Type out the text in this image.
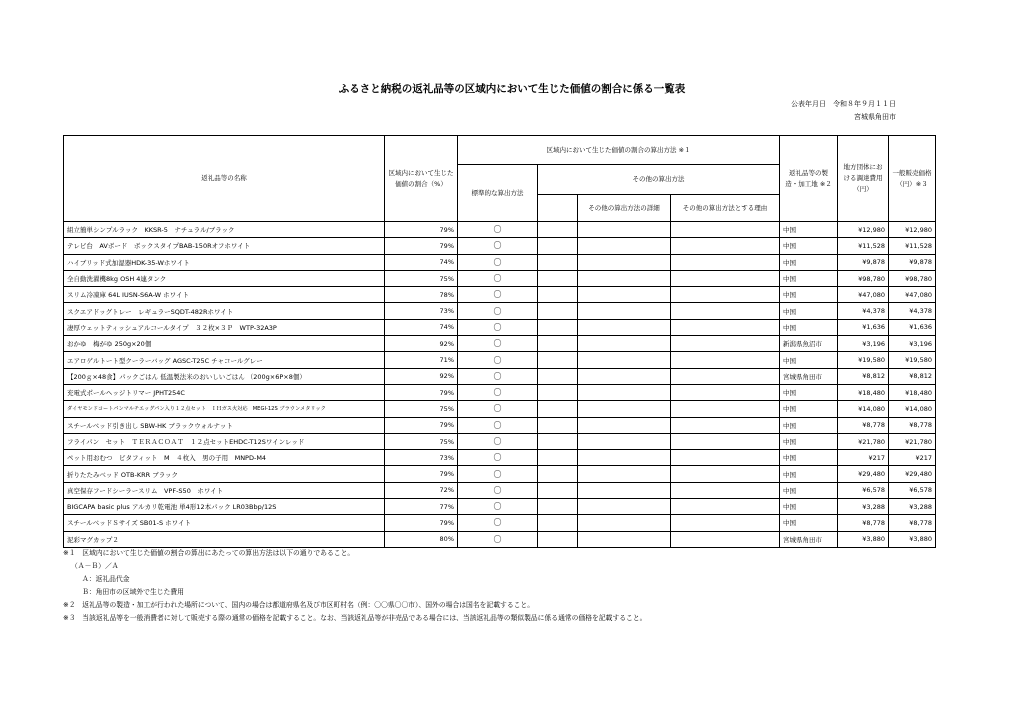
ふるさと納税の返礼品等の区域内において生じた価値の割合に係る一覧表
公表年月日　令和８年９月１１日
宮城県角田市
返礼品等の名称	区域内において生じた価値の割合（%）	区域内において生じた価値の割合の算出方法 ※１				返礼品等の製造・加工地 ※２	地方団体における調達費用（円）	一般販売価格（円）※３
		標準的な算出方法	その他の算出方法					
				その他の算出方法の詳細	その他の算出方法とする理由			
組立簡単シンプルラック　KKSR-5　ナチュラル/ブラック	79%	〇				中国	¥12,980	¥12,980
テレビ台　AVボード　ボックスタイプBAB-150Rオフホワイト	79%	〇				中国	¥11,528	¥11,528
ハイブリッド式加湿器HDK-35-Wホワイト	74%	〇				中国	¥9,878	¥9,878
全自動洗濯機8kg OSH 4連タンク	75%	〇				中国	¥98,780	¥98,780
スリム冷凍庫 64L IUSN-S6A-W ホワイト	78%	〇				中国	¥47,080	¥47,080
スクエアドッグトレー　レギュラーSQDT-482Rホワイト	73%	〇				中国	¥4,378	¥4,378
凄厚ウェットティッシュアルコールタイプ　３２枚×３Ｐ　WTP-32A3P	74%	〇				中国	¥1,636	¥1,636
おかゆ　梅がゆ 250g×20個	92%	〇				新潟県魚沼市	¥3,196	¥3,196
エアロゲルトート型クーラーバッグ AGSC-T25C チャコールグレー	71%	〇				中国	¥19,580	¥19,580
【200ｇ×48食】パックごはん 低温製法米のおいしいごはん （200g×6P×8個）	92%	〇				宮城県角田市	¥8,812	¥8,812
充電式ポールヘッジトリマー JPHT254C	79%	〇				中国	¥18,480	¥18,480
ダイヤモンドコートパンマルチエッグパン入り１２点セット　ＩＨガス火対応　MEGI-12S ブラウンメタリック	75%	〇				中国	¥14,080	¥14,080
スチールベッド引き出し SBW-HK ブラックウォルナット	79%	〇				中国	¥8,778	¥8,778
フライパン　セット　ＴＥＲＡＣＯＡＴ　１２点セットEHDC-T12Sワインレッド	75%	〇				中国	¥21,780	¥21,780
ペット用おむつ　ピタフィット　M　４枚入　男の子用　MNPD-M4	73%	〇				中国	¥217	¥217
折りたたみベッド OTB-KRR ブラック	79%	〇				中国	¥29,480	¥29,480
真空保存フードシーラースリム　VPF-S50　ホワイト	72%	〇				中国	¥6,578	¥6,578
BIGCAPA basic plus アルカリ乾電池 単4形12本パック LR03Bbp/12S	77%	〇				中国	¥3,288	¥3,288
スチールベッドＳサイズ SB01-S ホワイト	79%	〇				中国	¥8,778	¥8,778
泥彩マグカップ２	80%	〇				宮城県角田市	¥3,880	¥3,880
※１　区域内において生じた価値の割合の算出にあたっての算出方法は以下の通りであること。
（Ａ－Ｂ）／Ａ
Ａ：返礼品代金
Ｂ：角田市の区域外で生じた費用
※２　返礼品等の製造・加工が行われた場所について、国内の場合は都道府県名及び市区町村名（例：〇〇県〇〇市）、国外の場合は国名を記載すること。
※３　当該返礼品等を一般消費者に対して販売する際の通常の価格を記載すること。なお、当該返礼品等が非売品である場合には、当該返礼品等の類似製品に係る通常の価格を記載すること。
